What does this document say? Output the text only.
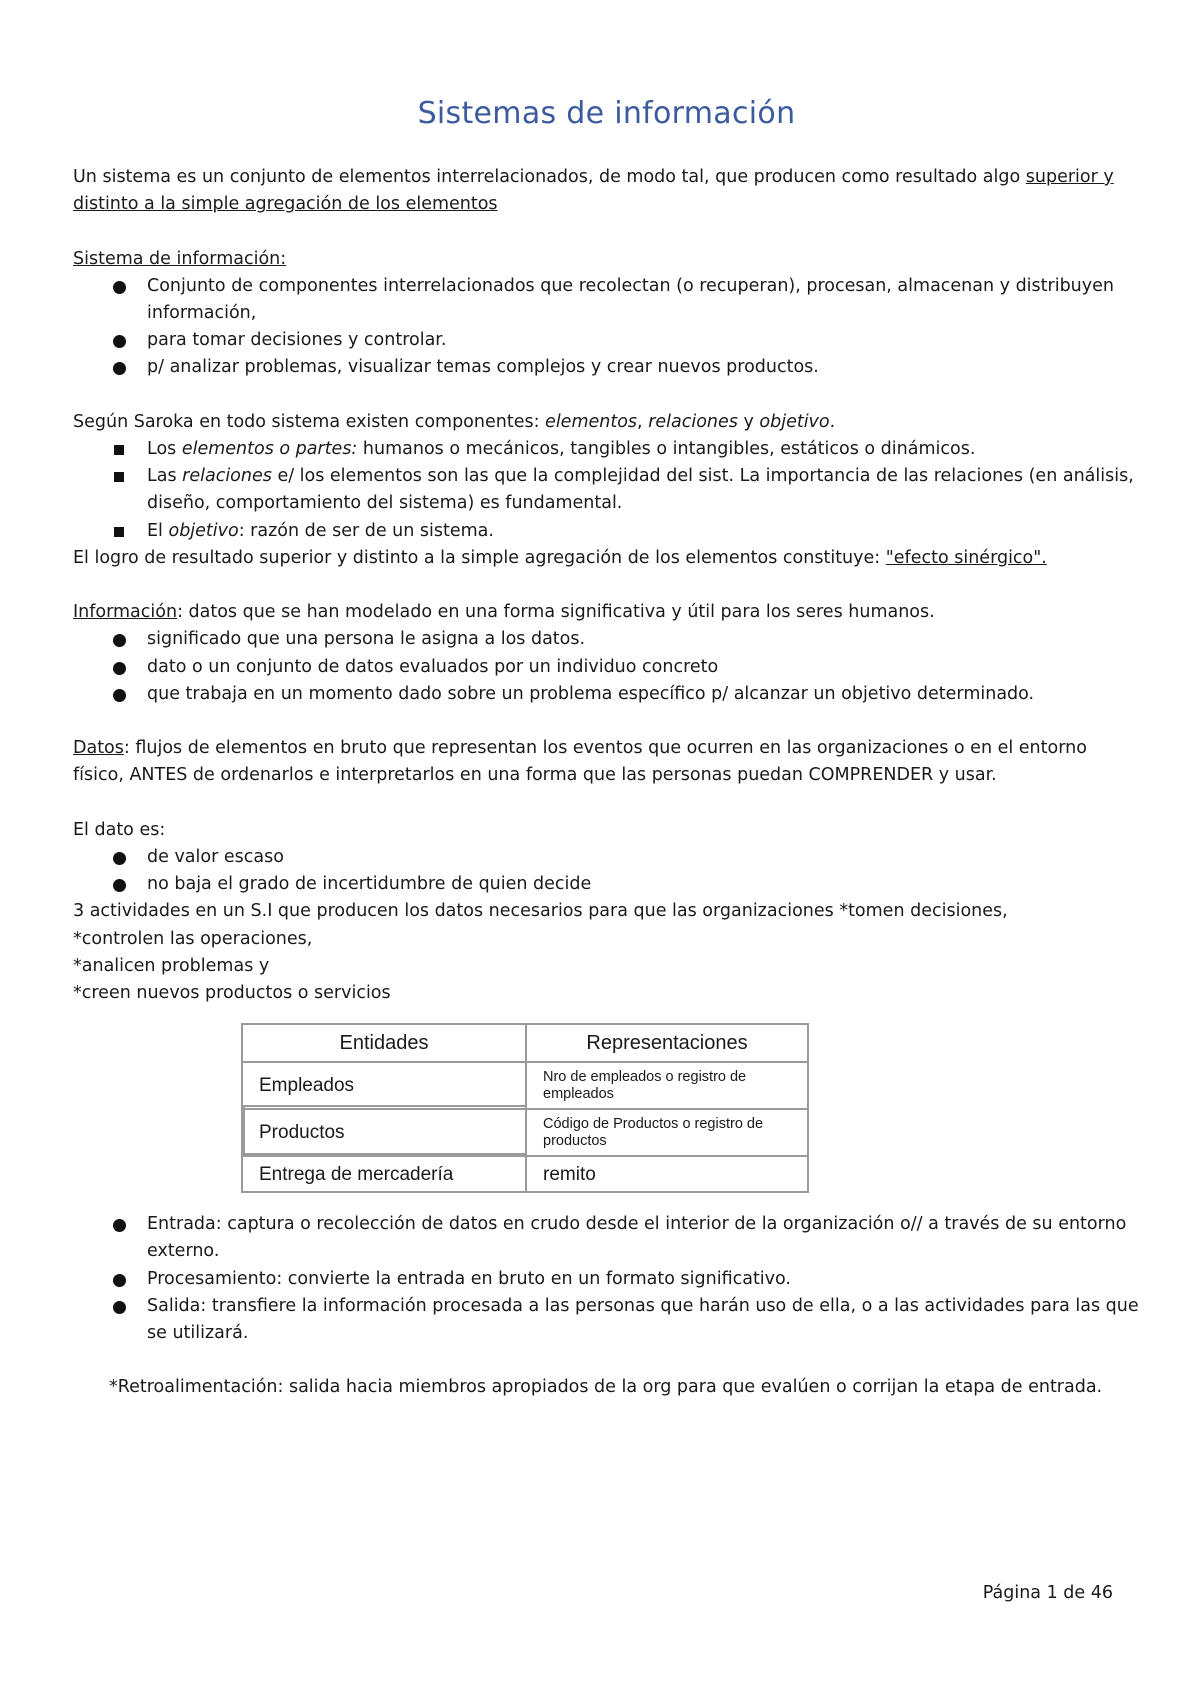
Sistemas de información

Un sistema es un conjunto de elementos interrelacionados, de modo tal, que producen como resultado algo superior y distinto a la simple agregación de los elementos

Sistema de información:

Conjunto de componentes interrelacionados que recolectan (o recuperan), procesan, almacenan y distribuyen información,
para tomar decisiones y controlar.
p/ analizar problemas, visualizar temas complejos y crear nuevos productos.

Según Saroka en todo sistema existen componentes: elementos, relaciones y objetivo.

Los elementos o partes: humanos o mecánicos, tangibles o intangibles, estáticos o dinámicos.
Las relaciones e/ los elementos son las que la complejidad del sist. La importancia de las relaciones (en análisis, diseño, comportamiento del sistema) es fundamental.
El objetivo: razón de ser de un sistema.

El logro de resultado superior y distinto a la simple agregación de los elementos constituye: "efecto sinérgico".

Información: datos que se han modelado en una forma significativa y útil para los seres humanos.

significado que una persona le asigna a los datos.
dato o un conjunto de datos evaluados por un individuo concreto
que trabaja en un momento dado sobre un problema específico p/ alcanzar un objetivo determinado.

Datos: flujos de elementos en bruto que representan los eventos que ocurren en las organizaciones o en el entorno físico, ANTES de ordenarlos e interpretarlos en una forma que las personas puedan COMPRENDER y usar.

El dato es:

de valor escaso
no baja el grado de incertidumbre de quien decide

3 actividades en un S.I que producen los datos necesarios para que las organizaciones *tomen decisiones,

*controlen las operaciones,

*analicen problemas y

*creen nuevos productos o servicios

Entidades	Representaciones
Empleados	Nro de empleados o registro de empleados
Productos	Código de Productos o registro de productos
Entrega de mercadería	remito
Entrada: captura o recolección de datos en crudo desde el interior de la organización o// a través de su entorno externo.
Procesamiento: convierte la entrada en bruto en un formato significativo.
Salida: transfiere la información procesada a las personas que harán uso de ella, o a las actividades para las que se utilizará.

*Retroalimentación: salida hacia miembros apropiados de la org para que evalúen o corrijan la etapa de entrada.

Página 1 de 46
